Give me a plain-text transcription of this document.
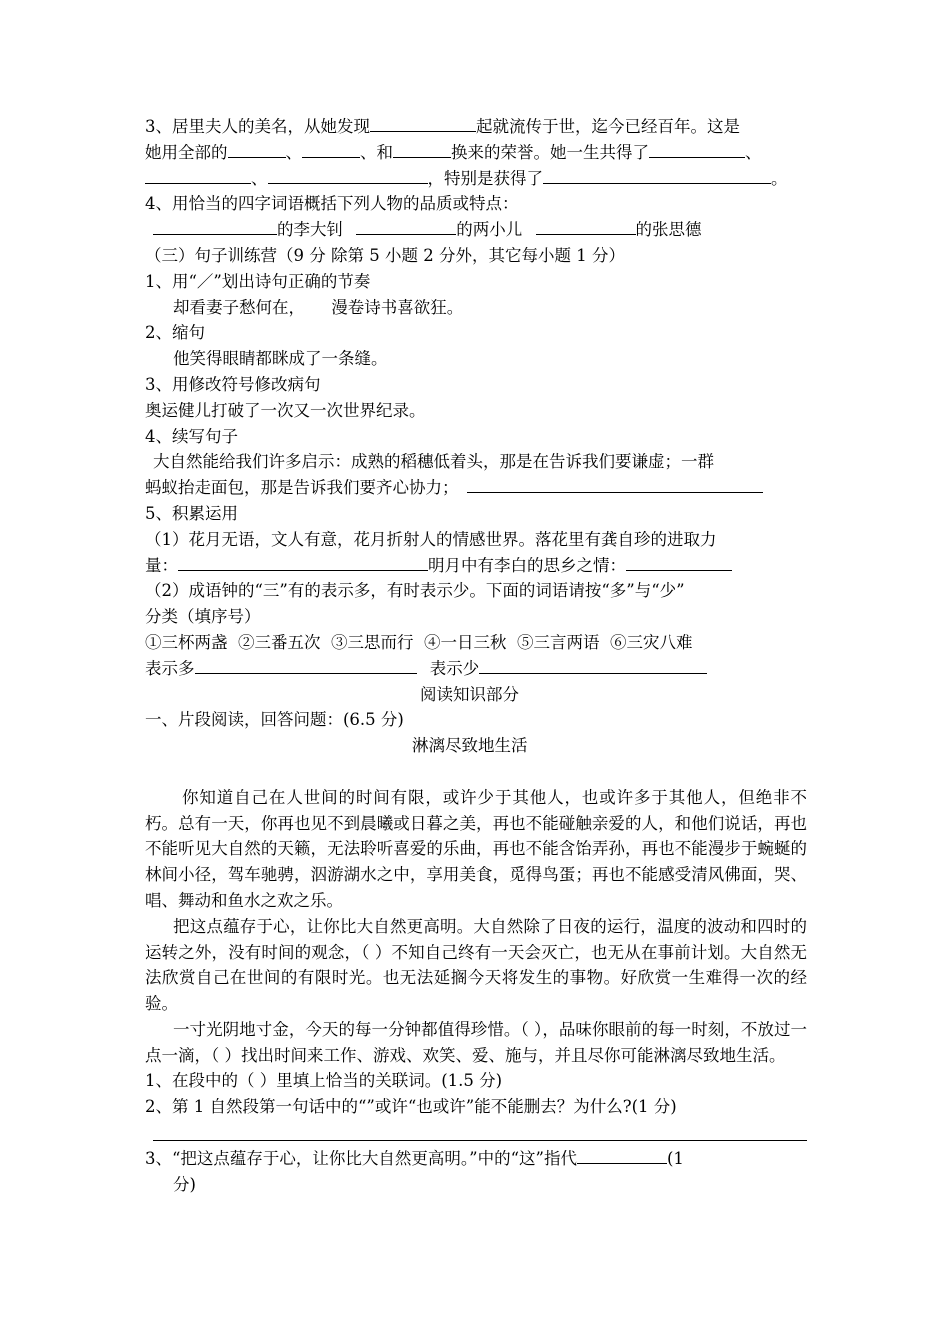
3、居里夫人的美名，从她发现	起就流传于世，迄今已经百年。这是
她用全部的	、	、和	换来的荣誉。她一生共得了	、
、	，特别是获得了	。
4、用恰当的四字词语概括下列人物的品质或特点：
的李大钊	的两小儿	的张思德
（三）句子训练营（9 分 除第 5 小题 2 分外，其它每小题 1 分）
1、用“／”划出诗句正确的节奏
却看妻子愁何在，     漫卷诗书喜欲狂。
2、缩句
他笑得眼睛都眯成了一条缝。
3、用修改符号修改病句
奥运健儿打破了一次又一次世界纪录。
4、续写句子
大自然能给我们许多启示：成熟的稻穗低着头，那是在告诉我们要谦虚；一群
蚂蚁抬走面包，那是告诉我们要齐心协力；
5、积累运用
（1）花月无语，文人有意，花月折射人的情感世界。落花里有龚自珍的进取力
量：	明月中有李白的思乡之情：
（2）成语钟的“三”有的表示多，有时表示少。下面的词语请按“多”与“少”
分类（填序号）
①三杯两盏  ②三番五次  ③三思而行  ④一日三秋  ⑤三言两语  ⑥三灾八难
表示多	表示少
阅读知识部分
一、片段阅读，回答问题：(6.5 分)
淋漓尽致地生活
你知道自己在人世间的时间有限，或许少于其他人，也或许多于其他人，但绝非不朽。总有一天，你再也见不到晨曦或日暮之美，再也不能碰触亲爱的人，和他们说话，再也不能听见大自然的天籁，无法聆听喜爱的乐曲，再也不能含饴弄孙，再也不能漫步于蜿蜒的林间小径，驾车驰骋，泅游湖水之中，享用美食，觅得鸟蛋；再也不能感受清风佛面，哭、唱、舞动和鱼水之欢之乐。
把这点蕴存于心，让你比大自然更高明。大自然除了日夜的运行，温度的波动和四时的运转之外，没有时间的观念，（ ）不知自己终有一天会灭亡，也无从在事前计划。大自然无法欣赏自己在世间的有限时光。也无法延搁今天将发生的事物。好欣赏一生难得一次的经验。
一寸光阴地寸金，今天的每一分钟都值得珍惜。（ ），品味你眼前的每一时刻，不放过一点一滴，（ ）找出时间来工作、游戏、欢笑、爱、施与，并且尽你可能淋漓尽致地生活。
1、在段中的（ ）里填上恰当的关联词。(1.5 分)
2、第 1 自然段第一句话中的“”或许“也或许”能不能删去？为什么?(1 分)
3、“把这点蕴存于心，让你比大自然更高明。”中的“这”指代	(1
分)
